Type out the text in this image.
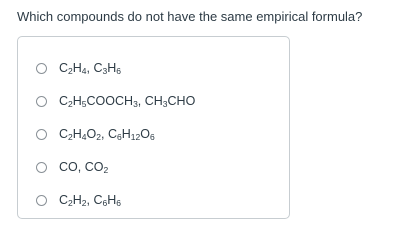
Which compounds do not have the same empirical formula?
$C_2H_4$, $C_3H_6$
$C_2H_5COOCH_3$, $CH_3CHO$
$C_2H_4O_2$, $C_6H_{12}O_6$
CO, $CO_2$
$C_2H_2$, $C_6H_6$
